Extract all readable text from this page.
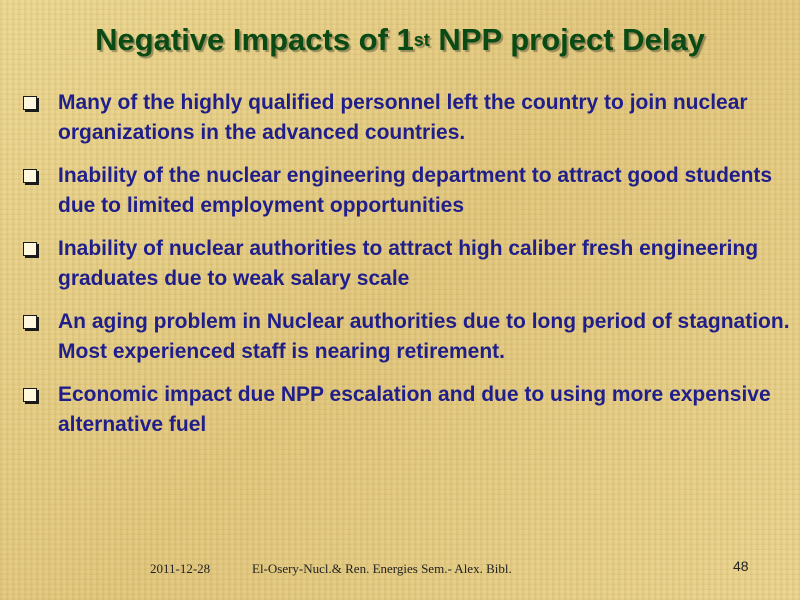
Negative Impacts of 1st NPP project Delay
Many of the highly qualified personnel left the country to join nuclear organizations in the advanced countries.
Inability of the nuclear engineering department to attract good students due to limited employment opportunities
Inability of nuclear authorities to attract high caliber fresh engineering graduates due to weak salary scale
An aging problem in Nuclear authorities due to long period of stagnation. Most experienced staff is nearing retirement.
Economic impact due NPP escalation and due to using more expensive alternative fuel
2011-12-28	El-Osery-Nucl.& Ren. Energies Sem.- Alex. Bibl.	48
